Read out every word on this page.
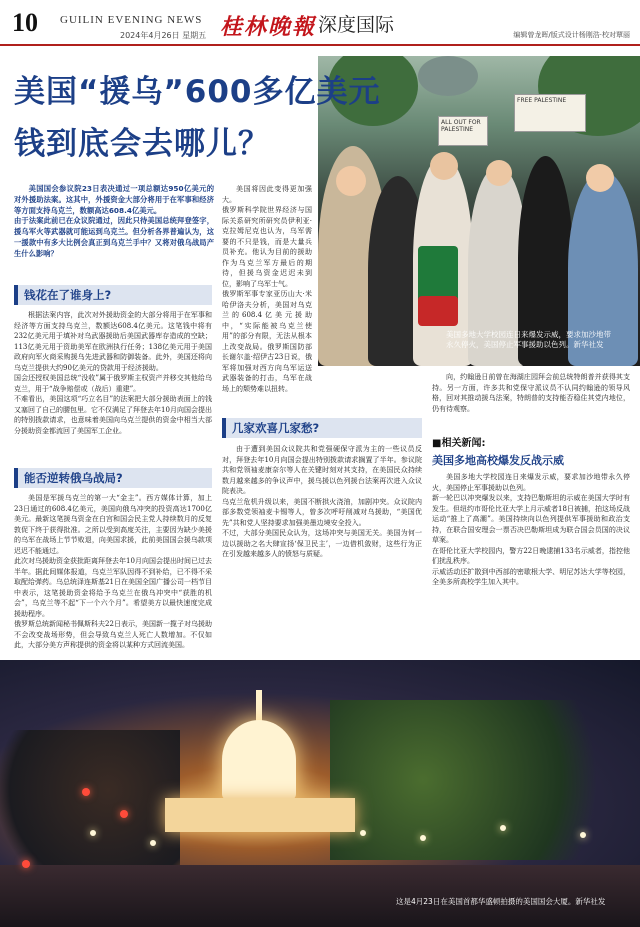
10 GUILIN EVENING NEWS
2024年4月26日 星期五 桂林晚報 深度国际	编辑曾龙晖/版式设计杨刚浩·校对覃丽
FREE PALESTINE
ALL OUT FOR PALESTINE
美国多地大学校园连日来爆发示威，要求加沙地带永久停火，美国停止军事援助以色列。新华社发
美国“援乌”600多亿美元
钱到底会去哪儿？
美国国会参议院23日表决通过一项总额达950亿美元的对外援助法案。这其中，外援资金大部分将用于在军事和经济等方面支持乌克兰，数额高达608.4亿美元。
由于法案此前已在众议院通过，因此只待美国总统拜登签字，援乌军火等武器就可能运到乌克兰。但分析各界普遍认为，这一援款中有多大比例会真正到乌克兰手中？又将对俄乌战局产生什么影响？
钱花在了谁身上?
根据法案内容，此次对外援助资金的大部分将用于在军事和经济等方面支持乌克兰，数额达608.4亿美元。这笔钱中将有232亿美元用于填补对乌武器援助后美国武器库存造成的空缺；113亿美元用于资助美军在欧洲执行任务；138亿美元用于美国政府向军火商采购援乌先进武器和防御装备。此外，美国还将向乌克兰提供大约90亿美元的贷款用于经济援助。
国会还授权美国总统“没收”属于俄罗斯主权资产并移交其他给乌克兰，用于“战争赔偿或（战后）重建”。
不难看出，美国这项“巧立名目”的法案把大部分援助表面上的钱又塞回了自己的腰包里。它不仅满足了拜登去年10月向国会提出的特别拨款请求，也意味着美国向乌克兰提供的资金中相当大部分援助资金都流回了美国军工企业。
能否逆转俄乌战局?
美国是军援乌克兰的第一大“金主”。西方媒体计算，加上23日通过的608.4亿美元，美国向俄乌冲突的投资高达1700亿美元。最新这笔援乌资金在白宫和国会民主党人持续数月的反复敦促下终于获得批准。之所以受到高度关注，主要因为缺少美援的乌军在战场上节节败退，向美国求援，此前美国国会援乌款项迟迟不能通过。
此次对乌援助资金获批距离拜登去年10月向国会提出时间已过去半年。据此间媒体报道，乌克兰军队因得不到补给，已不得不采取配给弹药。乌总统泽连斯基21日在美国全国广播公司一档节目中表示，这笔援助资金将给予乌克兰在俄乌冲突中“获胜的机会”，乌克兰等不起“下一个六个月”。希望美方以最快速度完成援助程序。
俄罗斯总统新闻秘书佩斯科夫22日表示，美国新一揽子对乌援助不会改变战场形势，但会导致乌克兰人死亡人数增加。不仅如此，大部分美方声称提供的资金将以某种方式回流美国。
美国将因此变得更加强大。
俄罗斯科学院世界经济与国际关系研究所研究员伊利亚·克拉姆尼克也认为，乌军需要的不只是钱，而是大量兵员补充。他认为目前的援助作为乌克兰军方最后的期待，但援乌资金迟迟未到位，影响了乌军士气。
俄罗斯军事专家亚历山大·米哈伊洛夫分析，美国对乌克兰的608.4亿美元援助中，“实际能被乌克兰使用”的部分有限，无法从根本上改变战局。俄罗斯国防部长谢尔盖·绍伊古23日说，俄军将加强对西方向乌军运送武器装备的打击，乌军在战场上的颓势难以扭转。
几家欢喜几家愁?
由于遭到美国众议院共和党强硬保守派为主的一些议员反对，拜登去年10月向国会提出特别拨款请求搁置了半年。参议院共和党领袖麦康奈尔等人在关键时刻对其支持，在美国民众持续数月越来越多的争议声中，援乌援以色列援台法案再次进入众议院表决。
乌克兰危机升级以来，美国不断拱火浇油，加剧冲突。众议院内部多数党领袖麦卡锡等人，曾多次呼吁削减对乌援助，“美国优先”共和党人坚持要求加强美墨边境安全投入。
不过，大部分美国民众认为，这场冲突与美国无关。美国为何一边以援助之名大肆宣扬‘保卫民主’，一边借机敛财，这些行为正在引发越来越多人的愤怒与质疑。
向，约翰逊日前曾在海湖庄园拜会前总统特朗普并获得其支持。另一方面，许多共和党保守派议员不认同约翰逊的领导风格，回对其推动援乌法案，特朗普的支持能否稳住其党内地位，仍有待观察。
■相关新闻:
美国多地高校爆发反战示威
美国多地大学校园连日来爆发示威，要求加沙地带永久停火，美国停止军事援助以色列。
新一轮巴以冲突爆发以来，支持巴勒斯坦的示威在美国大学时有发生。但纽约市哥伦比亚大学上月示威者18日被捕，拍这场反战运动“推上了高潮”。美国持续向以色列提供军事援助和政治支持，在联合国安理会一票否决巴勒斯坦成为联合国会员国的决议草案。
在哥伦比亚大学校园内，警方22日晚逮捕133名示威者，指控他们扰乱秩序。
示威活动还扩散到中西部的密歇根大学、明尼苏达大学等校园，全美多所高校学生加入其中。
这是4月23日在美国首都华盛顿拍摄的美国国会大厦。新华社发
